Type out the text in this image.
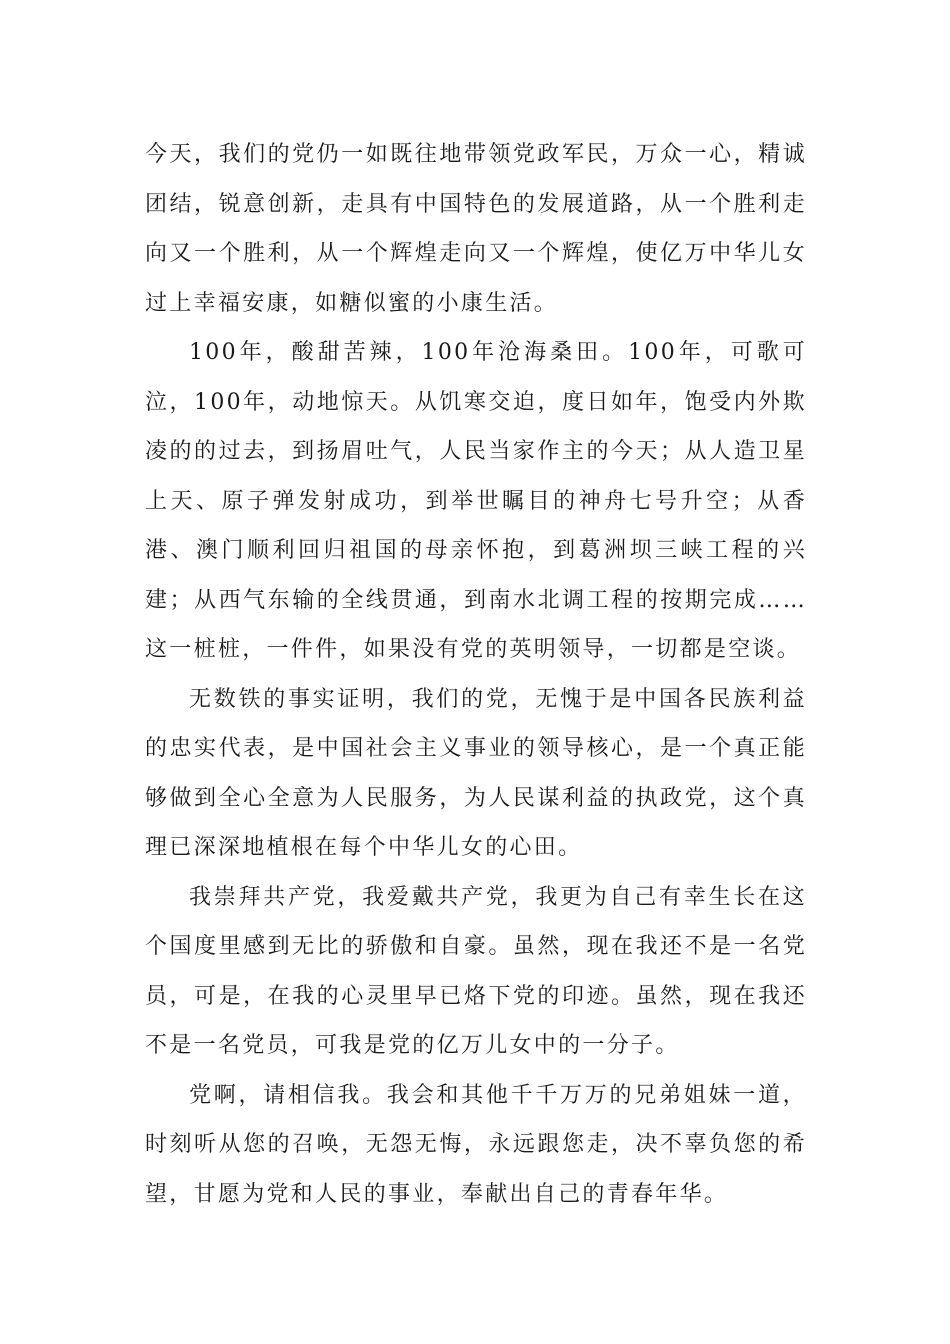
今天，我们的党仍一如既往地带领党政军民，万众一心，精诚团结，锐意创新，走具有中国特色的发展道路，从一个胜利走向又一个胜利，从一个辉煌走向又一个辉煌，使亿万中华儿女过上幸福安康，如糖似蜜的小康生活。

100年，酸甜苦辣，100年沧海桑田。100年，可歌可泣，100年，动地惊天。从饥寒交迫，度日如年，饱受内外欺凌的的过去，到扬眉吐气，人民当家作主的今天；从人造卫星上天、原子弹发射成功，到举世瞩目的神舟七号升空；从香港、澳门顺利回归祖国的母亲怀抱，到葛洲坝三峡工程的兴建；从西气东输的全线贯通，到南水北调工程的按期完成……这一桩桩，一件件，如果没有党的英明领导，一切都是空谈。

无数铁的事实证明，我们的党，无愧于是中国各民族利益的忠实代表，是中国社会主义事业的领导核心，是一个真正能够做到全心全意为人民服务，为人民谋利益的执政党，这个真理已深深地植根在每个中华儿女的心田。

我崇拜共产党，我爱戴共产党，我更为自己有幸生长在这个国度里感到无比的骄傲和自豪。虽然，现在我还不是一名党员，可是，在我的心灵里早已烙下党的印迹。虽然，现在我还不是一名党员，可我是党的亿万儿女中的一分子。

党啊，请相信我。我会和其他千千万万的兄弟姐妹一道，时刻听从您的召唤，无怨无悔，永远跟您走，决不辜负您的希望，甘愿为党和人民的事业，奉献出自己的青春年华。
